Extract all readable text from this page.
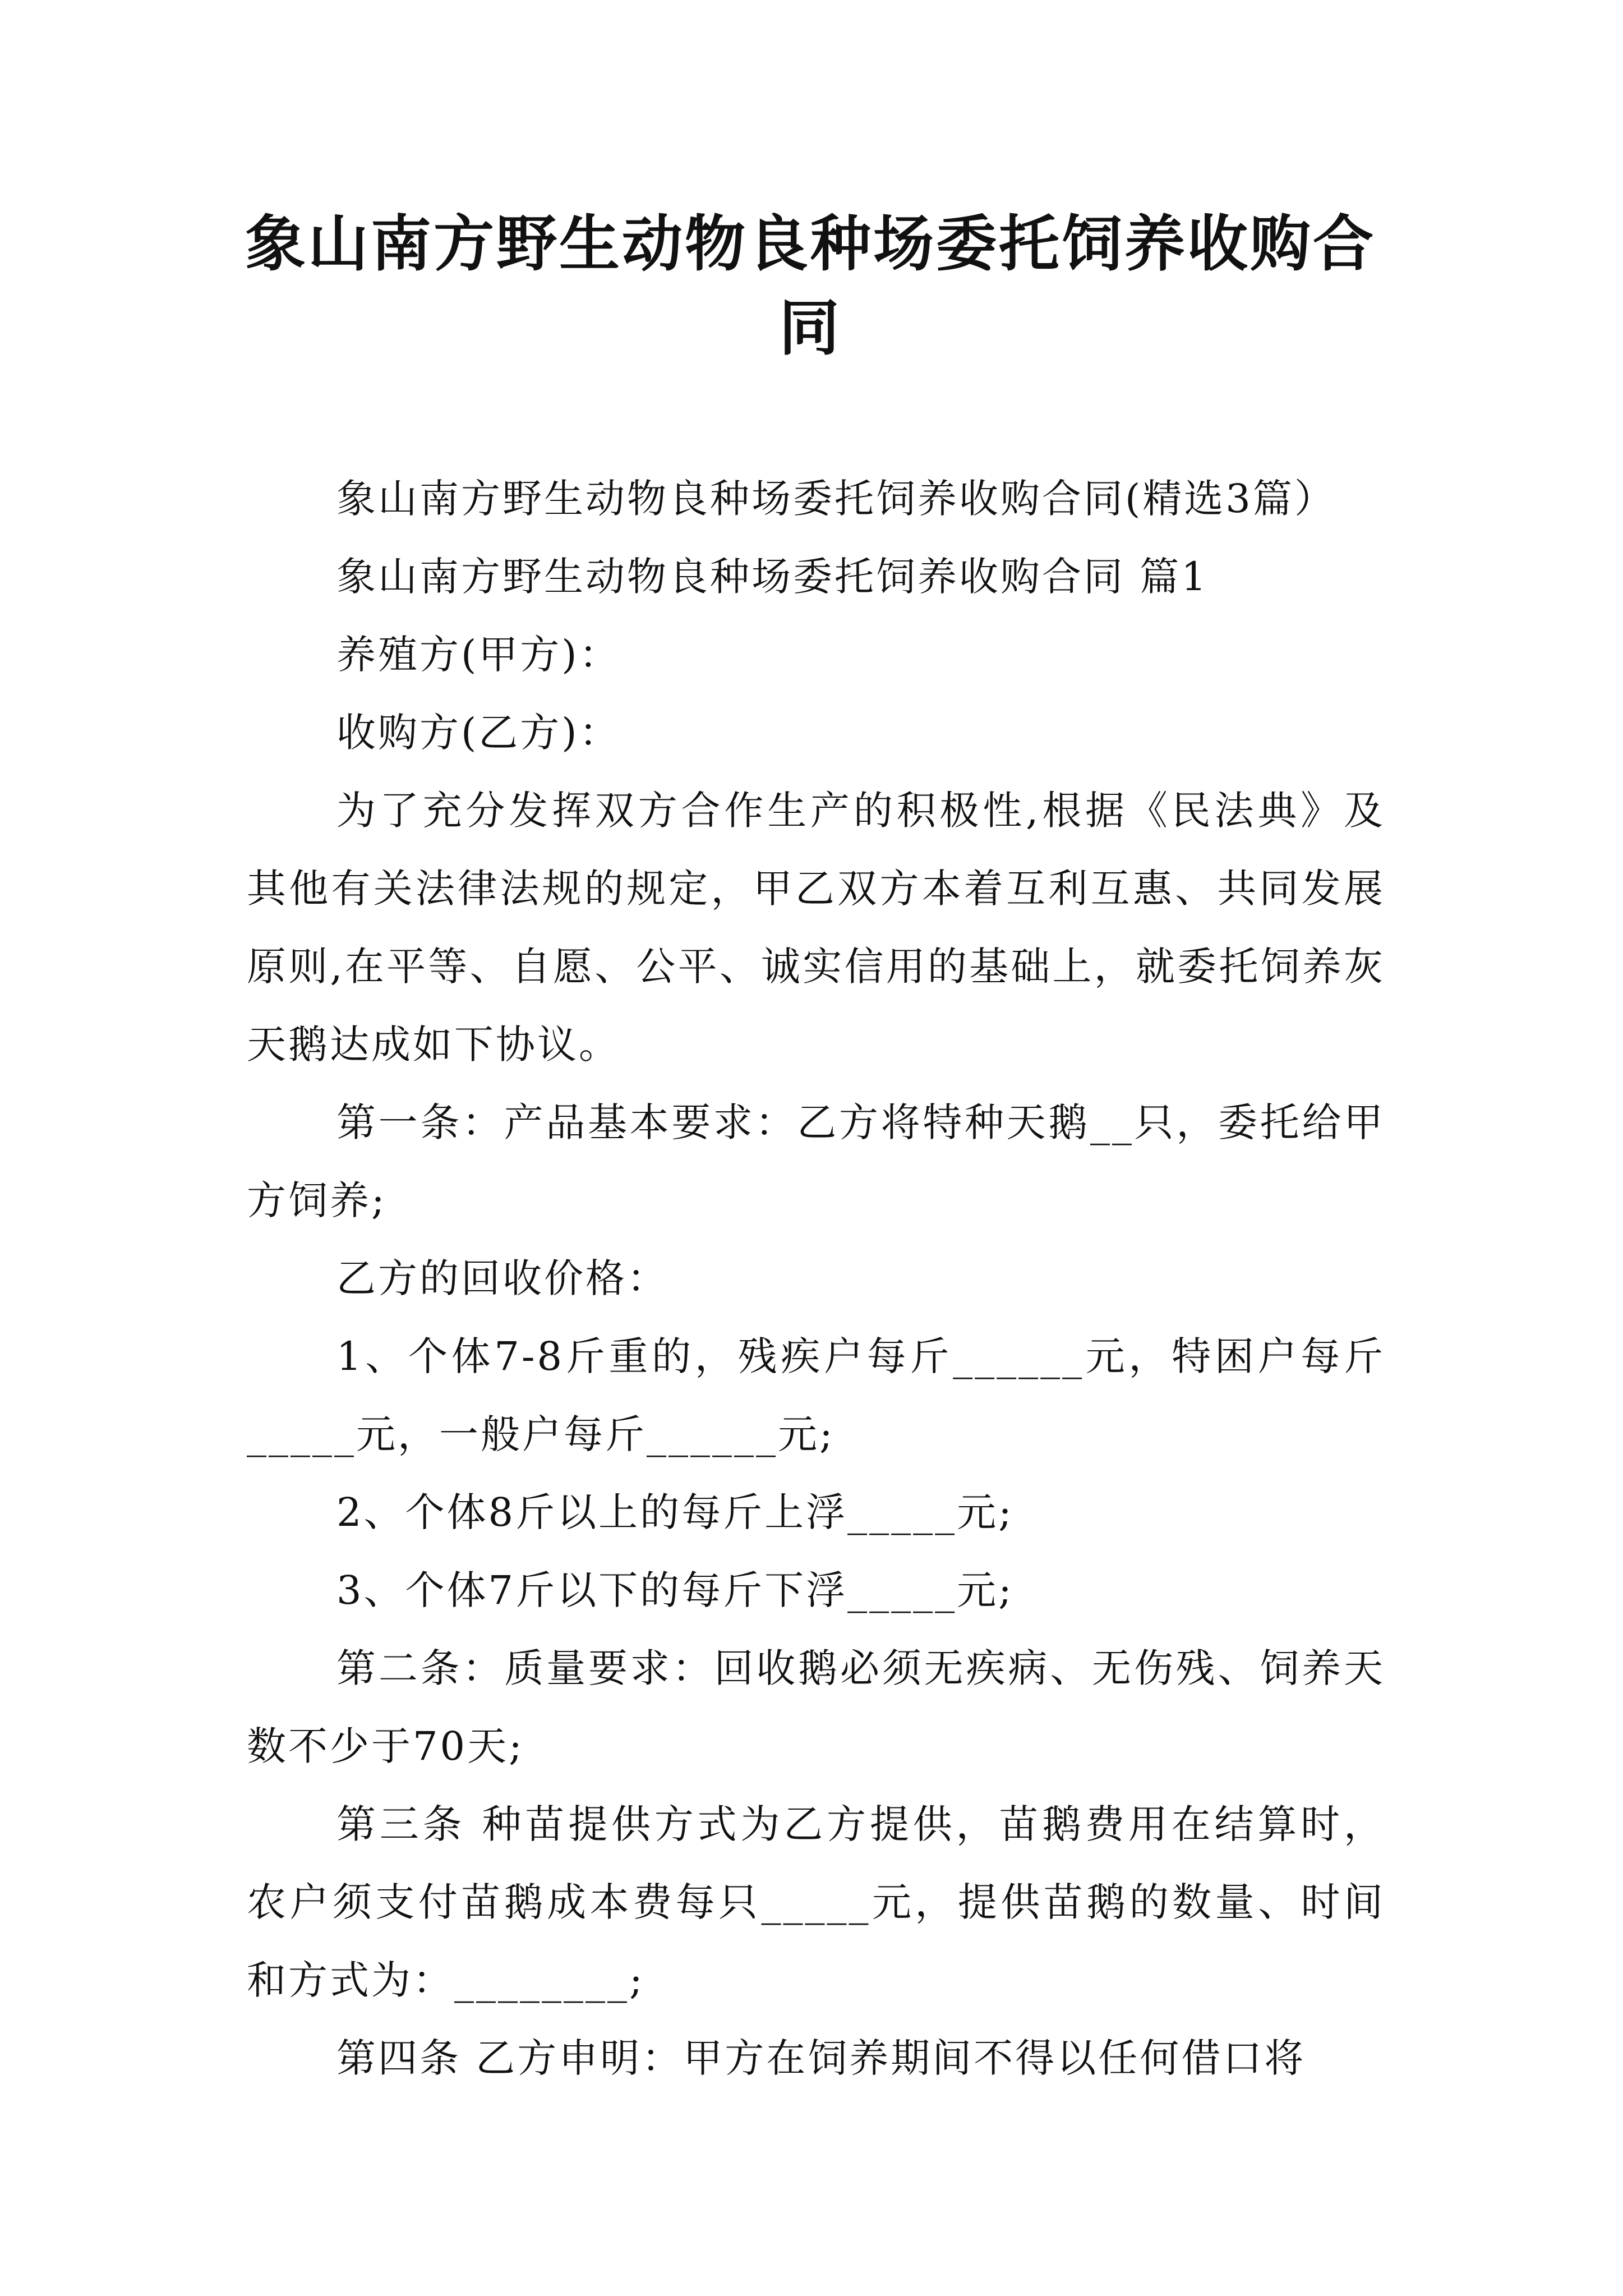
象山南方野生动物良种场委托饲养收购合同

象山南方野生动物良种场委托饲养收购合同(精选3篇）

象山南方野生动物良种场委托饲养收购合同 篇1

养殖方(甲方)：

收购方(乙方)：

为了充分发挥双方合作生产的积极性,根据《民法典》及其他有关法律法规的规定，甲乙双方本着互利互惠、共同发展原则,在平等、自愿、公平、诚实信用的基础上，就委托饲养灰天鹅达成如下协议。

第一条：产品基本要求：乙方将特种天鹅__只，委托给甲方饲养;

乙方的回收价格：

1、个体7-8斤重的，残疾户每斤______元，特困户每斤_____元，一般户每斤______元;

2、个体8斤以上的每斤上浮_____元;

3、个体7斤以下的每斤下浮_____元;

第二条：质量要求：回收鹅必须无疾病、无伤残、饲养天数不少于70天;

第三条 种苗提供方式为乙方提供，苗鹅费用在结算时，农户须支付苗鹅成本费每只_____元，提供苗鹅的数量、时间和方式为：________;

第四条 乙方申明：甲方在饲养期间不得以任何借口将
